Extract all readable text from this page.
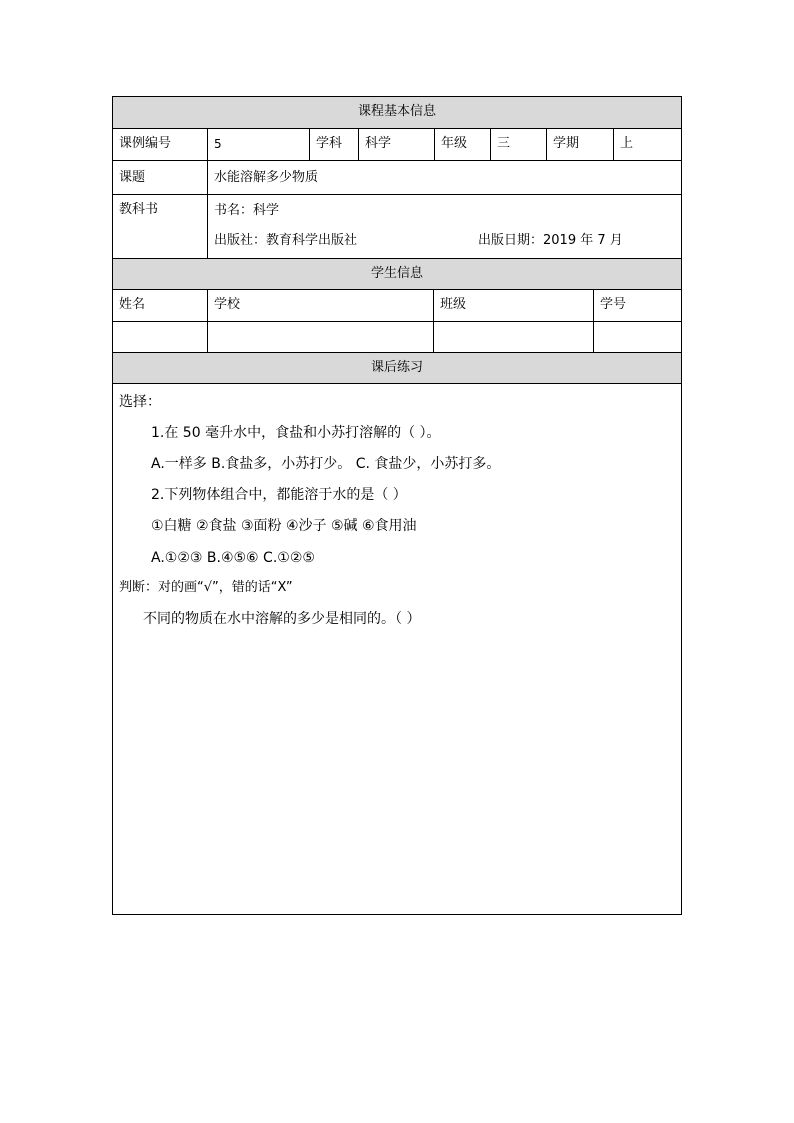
课程基本信息
课例编号	5	学科	科学	年级	三	学期	上
课题	水能溶解多少物质
教科书	书名：科学
出版社：教育科学出版社	出版日期：2019 年 7 月
学生信息
姓名	学校	班级	学号
课后练习
选择：
1.在 50 毫升水中，食盐和小苏打溶解的（ ）。
A.一样多 B.食盐多，小苏打少。 C. 食盐少，小苏打多。
2.下列物体组合中，都能溶于水的是（ ）
①白糖 ②食盐 ③面粉 ④沙子 ⑤碱 ⑥食用油
A.①②③ B.④⑤⑥ C.①②⑤
判断：对的画“√”，错的话“X”
不同的物质在水中溶解的多少是相同的。（ ）
